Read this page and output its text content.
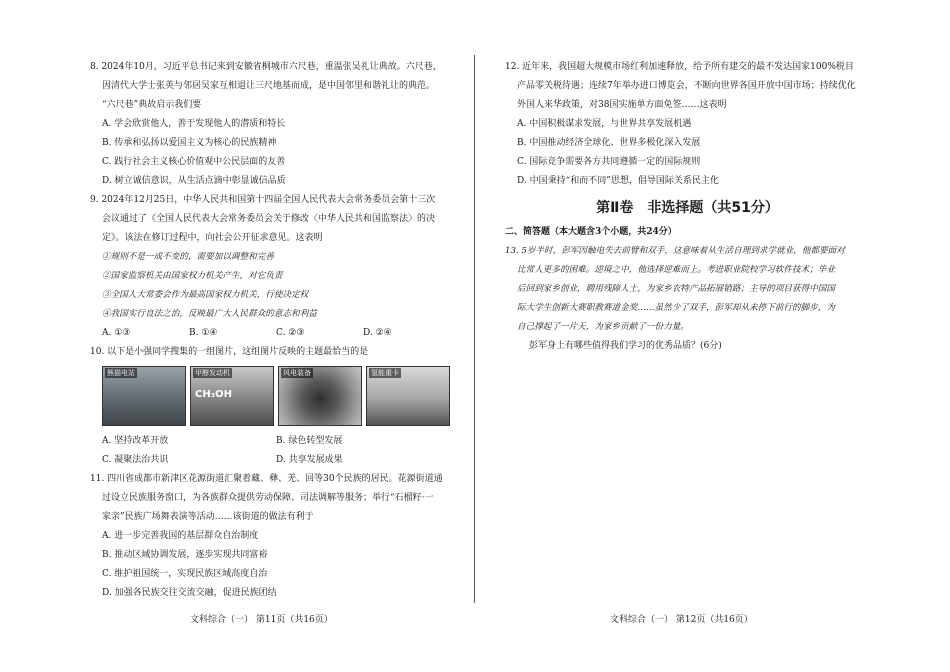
8. 2024年10月，习近平总书记来到安徽省桐城市六尺巷，重温张吴礼让典故。六尺巷，
因清代大学士张英与邻居吴家互相退让三尺地基而成，是中国邻里和谐礼让的典范。
“六尺巷”典故启示我们要
A. 学会欣赏他人，善于发现他人的潜质和特长
B. 传承和弘扬以爱国主义为核心的民族精神
C. 践行社会主义核心价值观中公民层面的友善
D. 树立诚信意识，从生活点滴中彰显诚信品质
9. 2024年12月25日，中华人民共和国第十四届全国人民代表大会常务委员会第十三次
会议通过了《全国人民代表大会常务委员会关于修改〈中华人民共和国监察法〉的决
定》。该法在修订过程中，向社会公开征求意见。这表明
①规则不是一成不变的，需要加以调整和完善
②国家监察机关由国家权力机关产生，对它负责
③全国人大常委会作为最高国家权力机关，行使决定权
④我国实行良法之治，反映最广大人民群众的意志和利益
A. ①③	B. ①④	C. ②③	D. ②④
10. 以下是小强同学搜集的一组图片，这组图片反映的主题最恰当的是
熊猫电站	甲醇发动机
CH₃OH
风电装备	氢能重卡
A. 坚持改革开放	B. 绿色转型发展
C. 凝聚法治共识	D. 共享发展成果
11. 四川省成都市新津区花源街道汇聚着藏、彝、羌、回等30个民族的居民。花源街道通
过设立民族服务窗口，为各族群众提供劳动保障、司法调解等服务；举行“石榴籽·一
家亲”民族广场舞表演等活动……该街道的做法有利于
A. 进一步完善我国的基层群众自治制度
B. 推动区域协调发展，逐步实现共同富裕
C. 维护祖国统一，实现民族区域高度自治
D. 加强各民族交往交流交融，促进民族团结
12. 近年来，我国超大规模市场红利加速释放，给予所有建交的最不发达国家100%税目
产品零关税待遇；连续7年举办进口博览会，不断向世界各国开放中国市场；持续优化
外国人来华政策，对38国实施单方面免签……这表明
A. 中国积极谋求发展，与世界共享发展机遇
B. 中国推动经济全球化、世界多极化深入发展
C. 国际竞争需要各方共同遵循一定的国际规则
D. 中国秉持“和而不同”思想，倡导国际关系民主化
第Ⅱ卷　非选择题（共51分）
二、简答题（本大题含3个小题，共24分）
13. 5岁半时，彭军因触电失去前臂和双手，这意味着从生活自理到求学就业，他都要面对
比常人更多的困难。逆境之中，他选择逆难而上。考进职业院校学习软件技术；毕业
后回到家乡创业，聘用残障人士，为家乡农特产品拓展销路；主导的项目获得中国国
际大学生创新大赛职教赛道金奖……虽然少了双手，彭军却从未停下前行的脚步，为
自己撑起了一片天，为家乡贡献了一份力量。
彭军身上有哪些值得我们学习的优秀品质？(6分)
文科综合（一） 第11页（共16页）	文科综合（一） 第12页（共16页）
